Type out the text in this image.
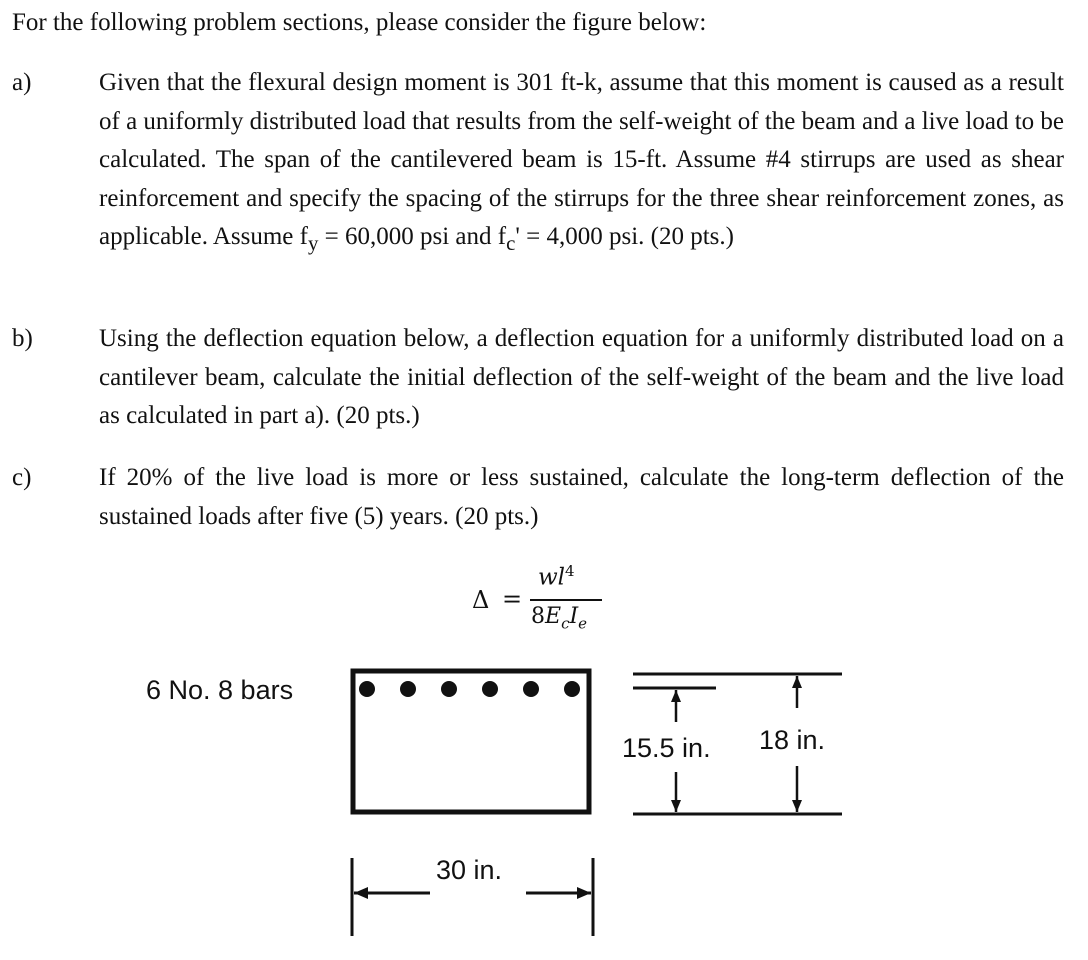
For the following problem sections, please consider the figure below:
a)	Given that the flexural design moment is 301 ft-k, assume that this moment is caused as a result of a uniformly distributed load that results from the self-weight of the beam and a live load to be calculated. The span of the cantilevered beam is 15-ft. Assume #4 stirrups are used as shear reinforcement and specify the spacing of the stirrups for the three shear reinforcement zones, as applicable. Assume $f_y = 60,000$ psi and $f_c' = 4,000$ psi. (20 pts.)
b)	Using the deflection equation below, a deflection equation for a uniformly distributed load on a cantilever beam, calculate the initial deflection of the self-weight of the beam and the live load as calculated in part a). (20 pts.)
c)	If 20% of the live load is more or less sustained, calculate the long-term deflection of the sustained loads after five (5) years. (20 pts.)
Δ =
$wl^4$
$8E_cI_e$
6 No. 8 bars
30 in.
15.5 in. 18 in.
